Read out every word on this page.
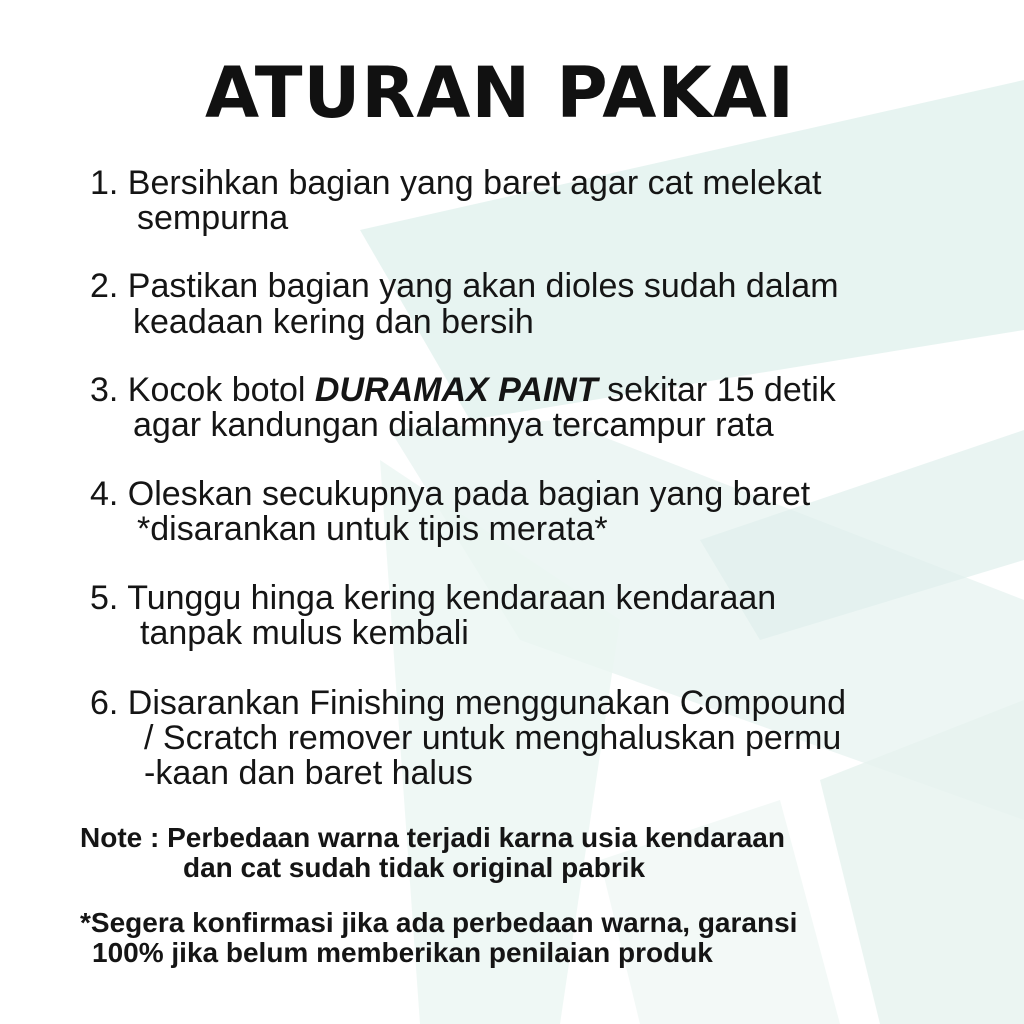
ATURAN PAKAI
1. Bersihkan bagian yang baret agar cat melekat
sempurna
2. Pastikan bagian yang akan dioles sudah dalam
keadaan kering dan bersih
3. Kocok botol DURAMAX PAINT sekitar 15 detik
agar kandungan dialamnya tercampur rata
4. Oleskan secukupnya pada bagian yang baret
*disarankan untuk tipis merata*
5. Tunggu hinga kering kendaraan kendaraan
tanpak mulus kembali
6. Disarankan Finishing menggunakan Compound
/ Scratch remover untuk menghaluskan permu
-kaan dan baret halus
Note : Perbedaan warna terjadi karna usia kendaraan
dan cat sudah tidak original pabrik
*Segera konfirmasi jika ada perbedaan warna, garansi
100% jika belum memberikan penilaian produk
